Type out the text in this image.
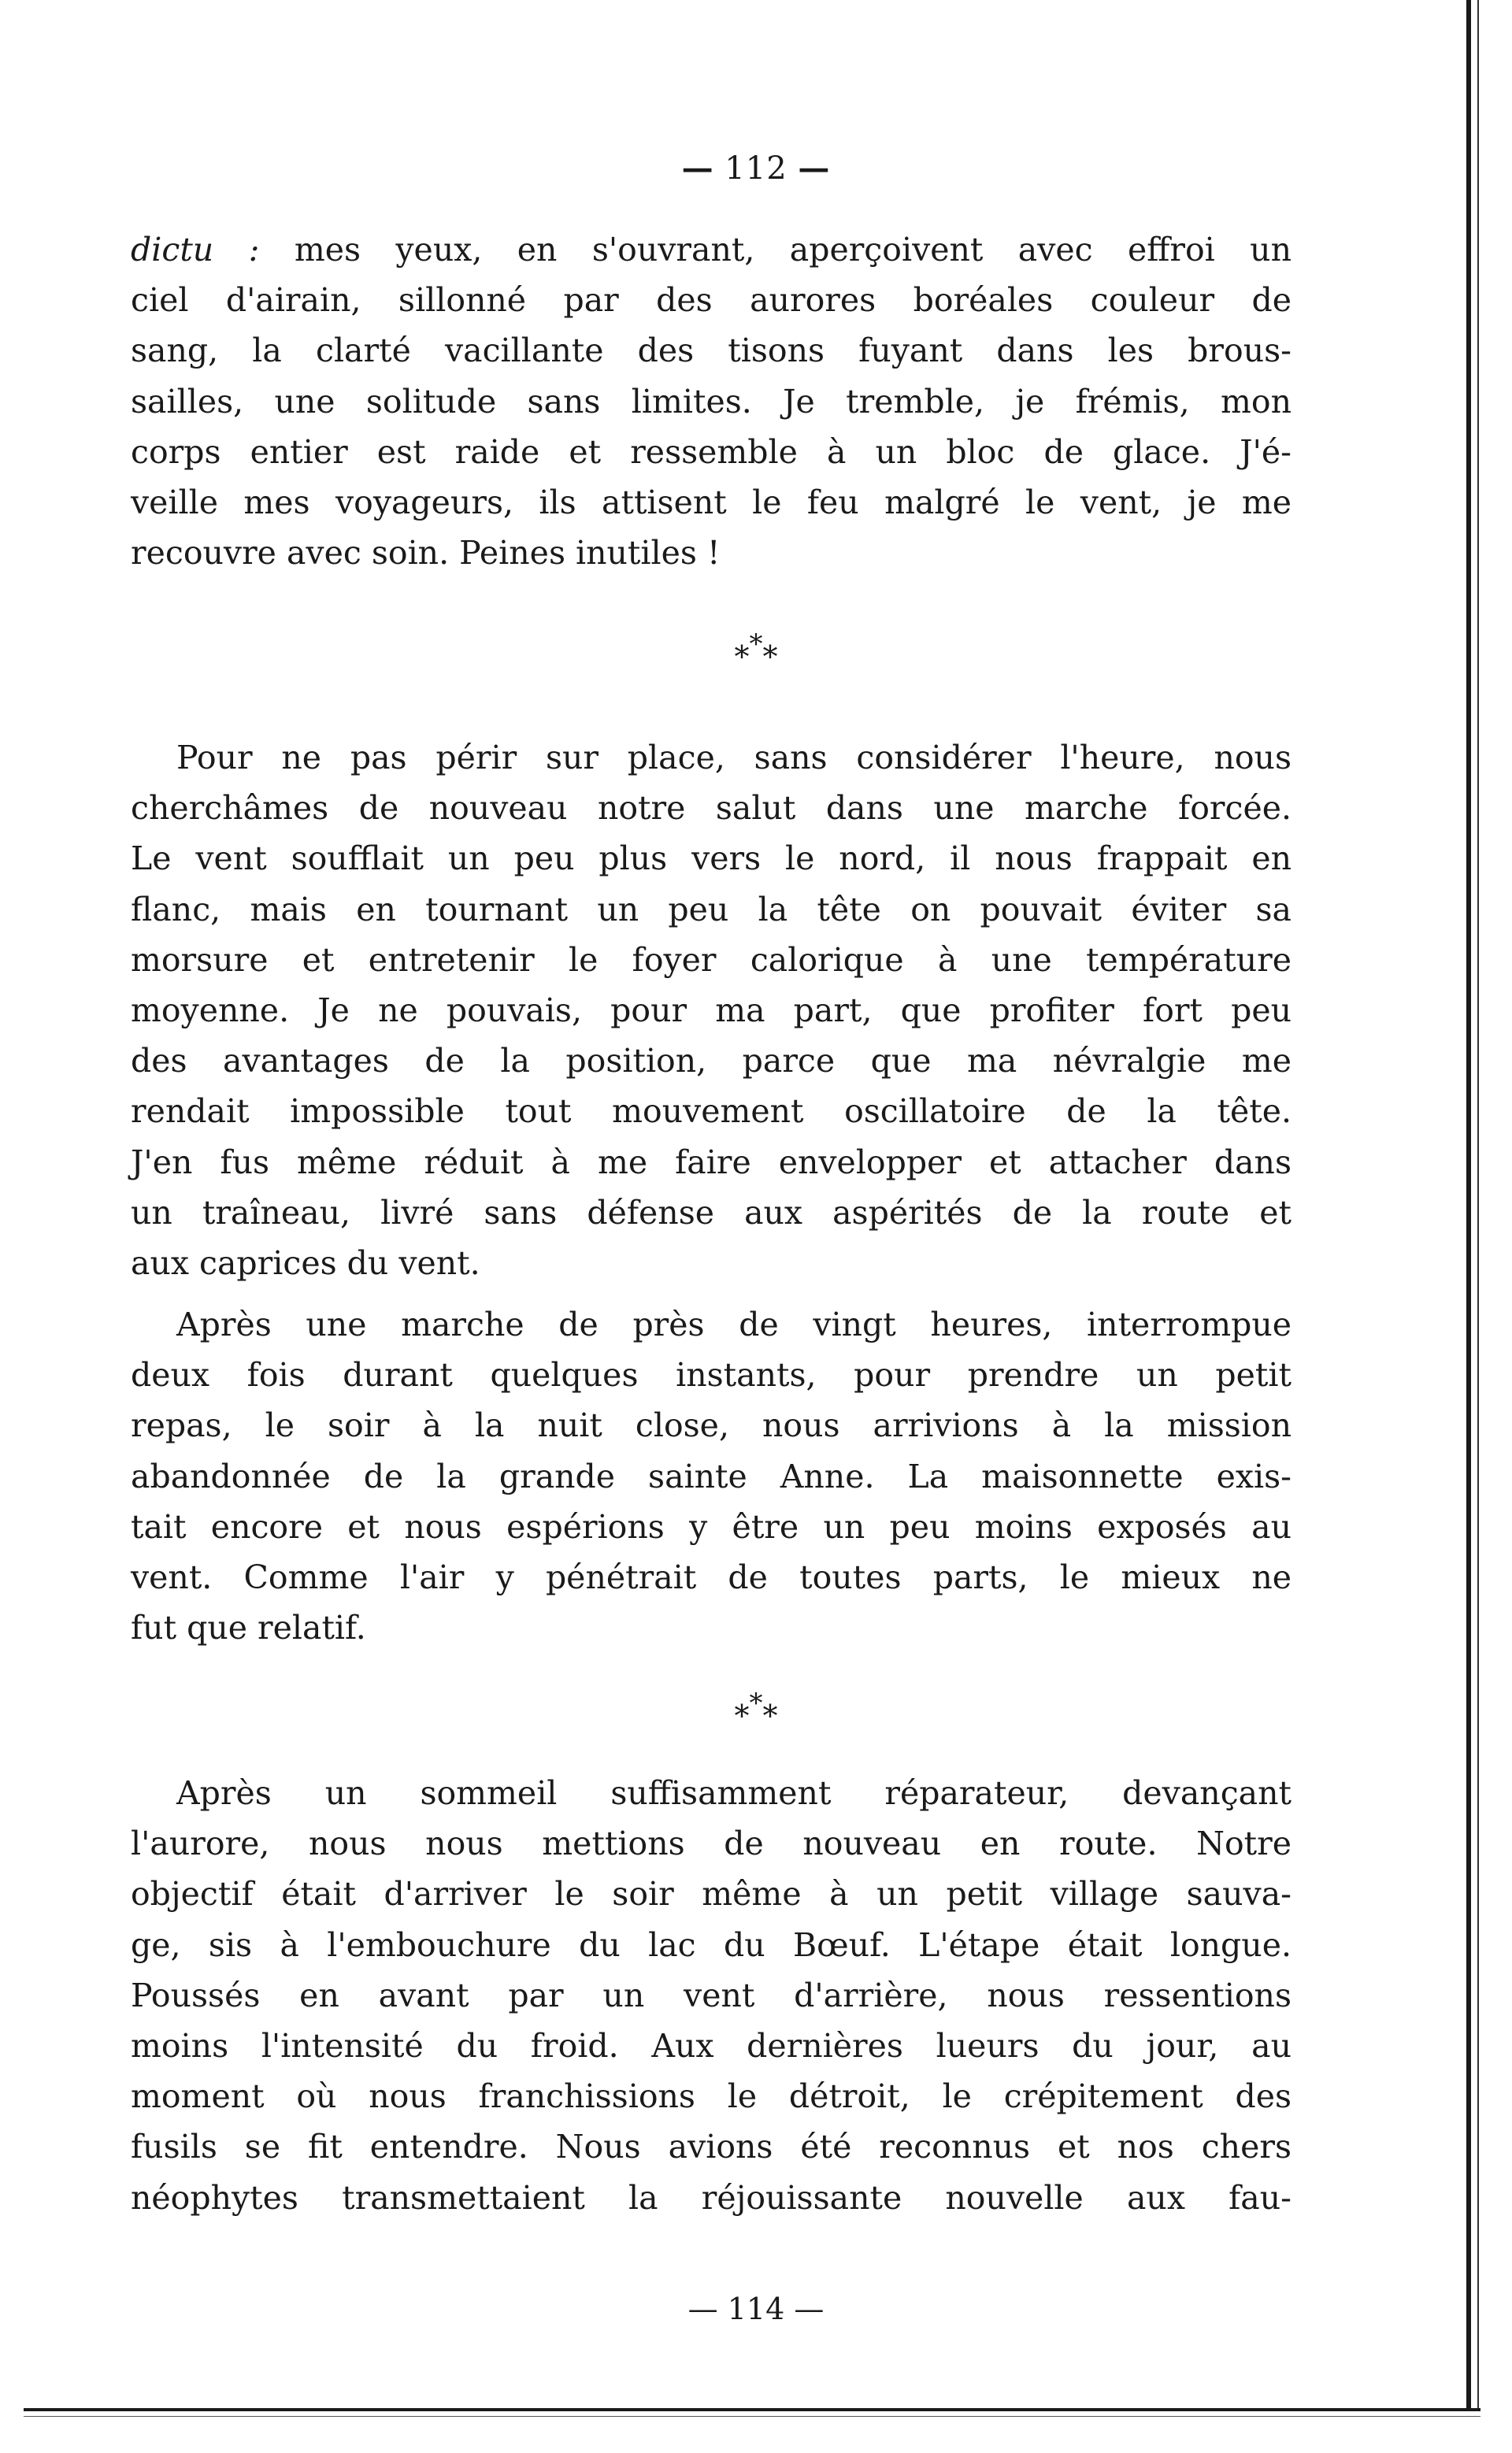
— 112 —
dictu : mes yeux, en s'ouvrant, aperçoivent avec effroi un
ciel d'airain, sillonné par des aurores boréales couleur de
sang, la clarté vacillante des tisons fuyant dans les brous-
sailles, une solitude sans limites. Je tremble, je frémis, mon
corps entier est raide et ressemble à un bloc de glace. J'é-
veille mes voyageurs, ils attisent le feu malgré le vent, je me
recouvre avec soin. Peines inutiles !
***
Pour ne pas périr sur place, sans considérer l'heure, nous
cherchâmes de nouveau notre salut dans une marche forcée.
Le vent soufflait un peu plus vers le nord, il nous frappait en
flanc, mais en tournant un peu la tête on pouvait éviter sa
morsure et entretenir le foyer calorique à une température
moyenne. Je ne pouvais, pour ma part, que profiter fort peu
des avantages de la position, parce que ma névralgie me
rendait impossible tout mouvement oscillatoire de la tête.
J'en fus même réduit à me faire envelopper et attacher dans
un traîneau, livré sans défense aux aspérités de la route et
aux caprices du vent.
Après une marche de près de vingt heures, interrompue
deux fois durant quelques instants, pour prendre un petit
repas, le soir à la nuit close, nous arrivions à la mission
abandonnée de la grande sainte Anne. La maisonnette exis-
tait encore et nous espérions y être un peu moins exposés au
vent. Comme l'air y pénétrait de toutes parts, le mieux ne
fut que relatif.
***
Après un sommeil suffisamment réparateur, devançant
l'aurore, nous nous mettions de nouveau en route. Notre
objectif était d'arriver le soir même à un petit village sauva-
ge, sis à l'embouchure du lac du Bœuf. L'étape était longue.
Poussés en avant par un vent d'arrière, nous ressentions
moins l'intensité du froid. Aux dernières lueurs du jour, au
moment où nous franchissions le détroit, le crépitement des
fusils se fit entendre. Nous avions été reconnus et nos chers
néophytes transmettaient la réjouissante nouvelle aux fau-
— 114 —
